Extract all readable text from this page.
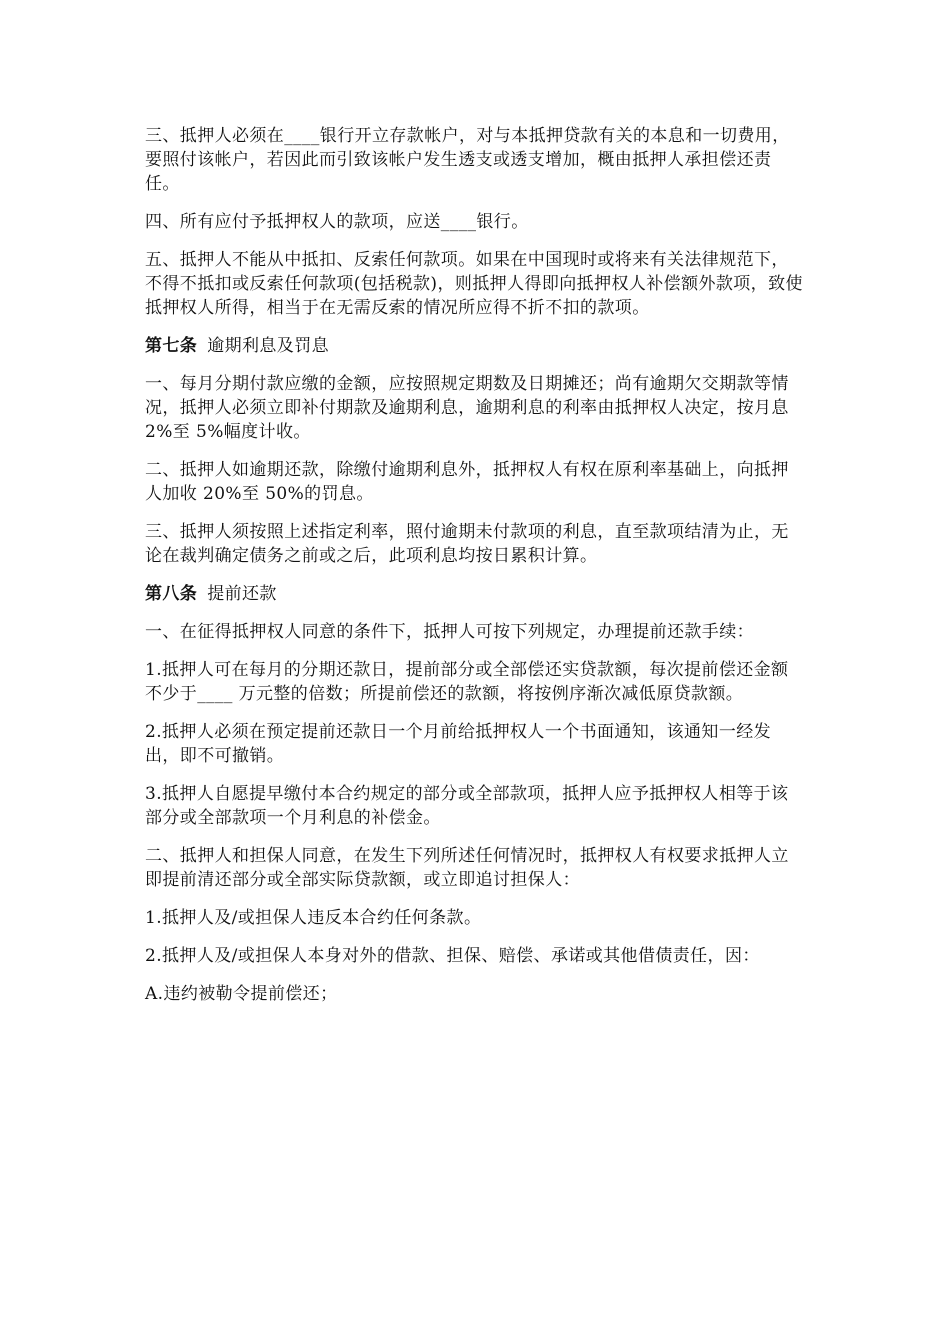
三、抵押人必须在____银行开立存款帐户，对与本抵押贷款有关的本息和一切费用，要照付该帐户，若因此而引致该帐户发生透支或透支增加，概由抵押人承担偿还责任。

四、所有应付予抵押权人的款项，应送____银行。

五、抵押人不能从中抵扣、反索任何款项。如果在中国现时或将来有关法律规范下，不得不抵扣或反索任何款项(包括税款)，则抵押人得即向抵押权人补偿额外款项，致使抵押权人所得，相当于在无需反索的情况所应得不折不扣的款项。

第七条 逾期利息及罚息

一、每月分期付款应缴的金额，应按照规定期数及日期摊还；尚有逾期欠交期款等情况，抵押人必须立即补付期款及逾期利息，逾期利息的利率由抵押权人决定，按月息 2%至 5%幅度计收。

二、抵押人如逾期还款，除缴付逾期利息外，抵押权人有权在原利率基础上，向抵押人加收 20%至 50%的罚息。

三、抵押人须按照上述指定利率，照付逾期未付款项的利息，直至款项结清为止，无论在裁判确定债务之前或之后，此项利息均按日累积计算。

第八条 提前还款

一、在征得抵押权人同意的条件下，抵押人可按下列规定，办理提前还款手续：

1.抵押人可在每月的分期还款日，提前部分或全部偿还实贷款额，每次提前偿还金额不少于____ 万元整的倍数；所提前偿还的款额，将按例序渐次减低原贷款额。

2.抵押人必须在预定提前还款日一个月前给抵押权人一个书面通知，该通知一经发出，即不可撤销。

3.抵押人自愿提早缴付本合约规定的部分或全部款项，抵押人应予抵押权人相等于该部分或全部款项一个月利息的补偿金。

二、抵押人和担保人同意，在发生下列所述任何情况时，抵押权人有权要求抵押人立即提前清还部分或全部实际贷款额，或立即追讨担保人：

1.抵押人及/或担保人违反本合约任何条款。

2.抵押人及/或担保人本身对外的借款、担保、赔偿、承诺或其他借债责任，因：

A.违约被勒令提前偿还；
